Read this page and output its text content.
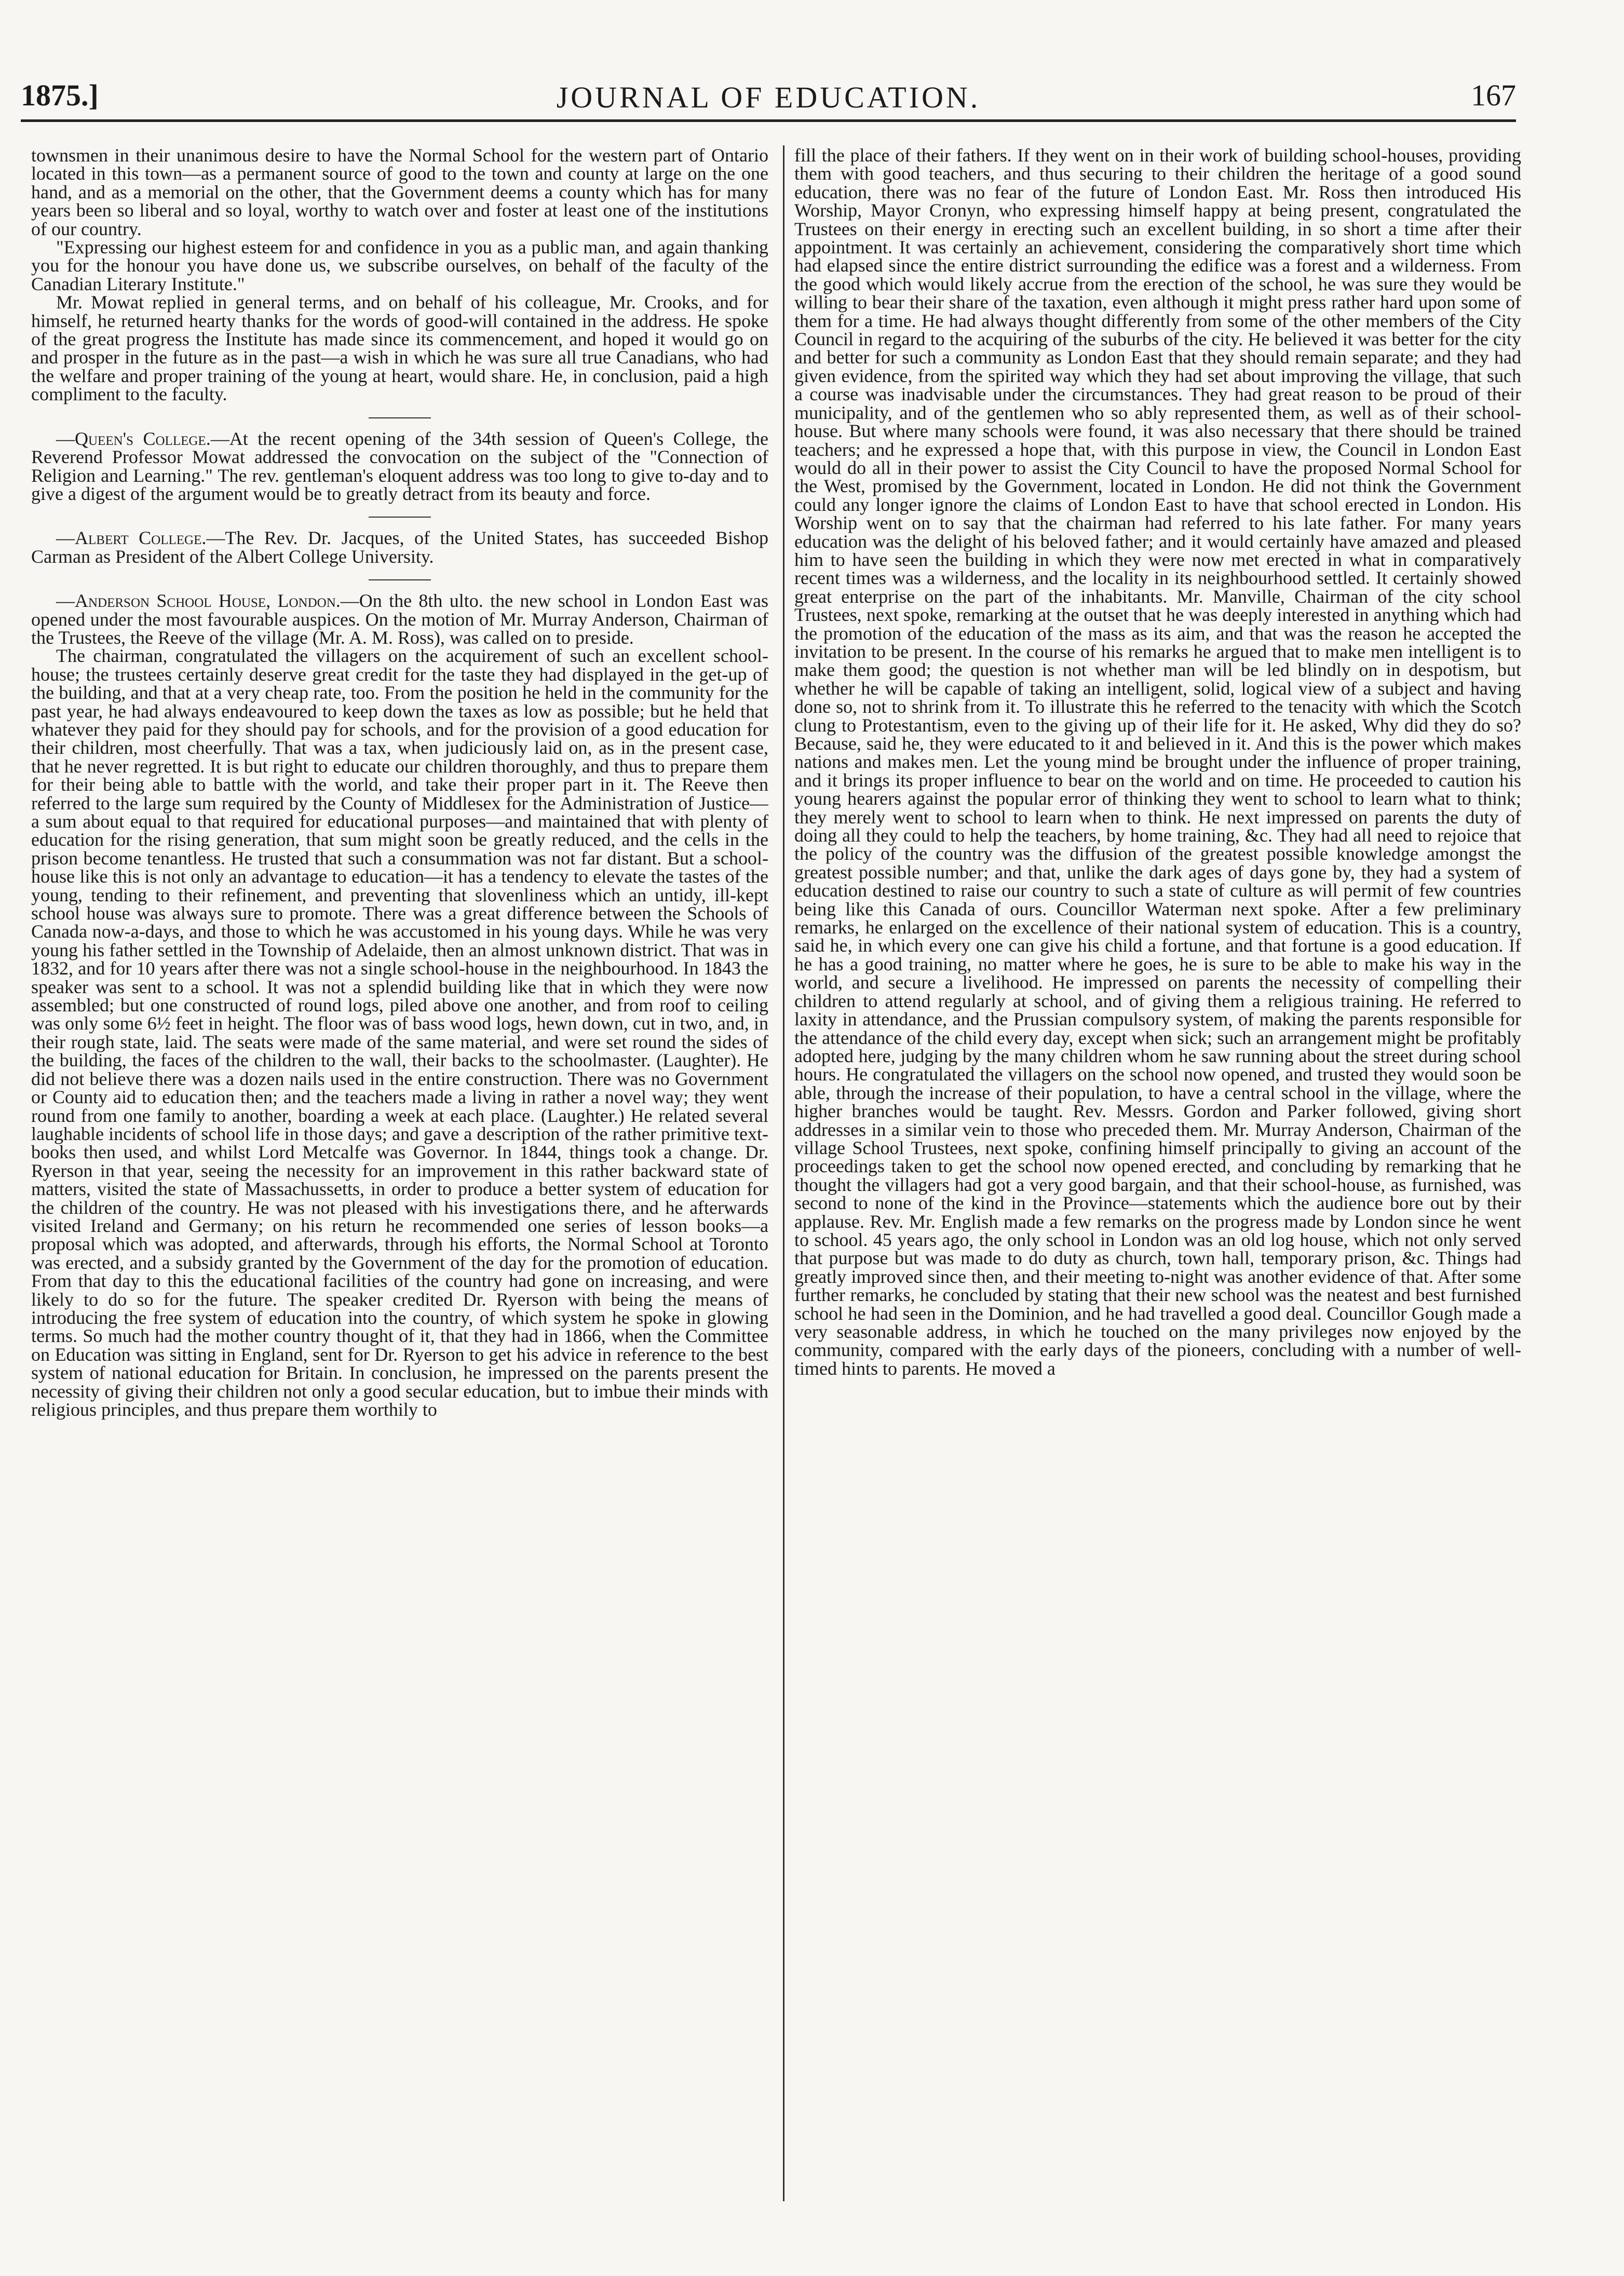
1875.]	JOURNAL OF EDUCATION.	167

townsmen in their unanimous desire to have the Normal School for the western part of Ontario located in this town—as a permanent source of good to the town and county at large on the one hand, and as a memorial on the other, that the Government deems a county which has for many years been so liberal and so loyal, worthy to watch over and foster at least one of the institutions of our country.

"Expressing our highest esteem for and confidence in you as a public man, and again thanking you for the honour you have done us, we subscribe ourselves, on behalf of the faculty of the Canadian Literary Institute."

Mr. Mowat replied in general terms, and on behalf of his colleague, Mr. Crooks, and for himself, he returned hearty thanks for the words of good-will contained in the address. He spoke of the great progress the Institute has made since its commencement, and hoped it would go on and prosper in the future as in the past—a wish in which he was sure all true Canadians, who had the welfare and proper training of the young at heart, would share. He, in conclusion, paid a high compliment to the faculty.

—Queen's College.—At the recent opening of the 34th session of Queen's College, the Reverend Professor Mowat addressed the convocation on the subject of the "Connection of Religion and Learning." The rev. gentleman's eloquent address was too long to give to-day and to give a digest of the argument would be to greatly detract from its beauty and force.

—Albert College.—The Rev. Dr. Jacques, of the United States, has succeeded Bishop Carman as President of the Albert College University.

—Anderson School House, London.—On the 8th ulto. the new school in London East was opened under the most favourable auspices. On the motion of Mr. Murray Anderson, Chairman of the Trustees, the Reeve of the village (Mr. A. M. Ross), was called on to preside.

The chairman, congratulated the villagers on the acquirement of such an excellent school-house; the trustees certainly deserve great credit for the taste they had displayed in the get-up of the building, and that at a very cheap rate, too. From the position he held in the community for the past year, he had always endeavoured to keep down the taxes as low as possible; but he held that whatever they paid for they should pay for schools, and for the provision of a good education for their children, most cheerfully. That was a tax, when judiciously laid on, as in the present case, that he never regretted. It is but right to educate our children thoroughly, and thus to prepare them for their being able to battle with the world, and take their proper part in it. The Reeve then referred to the large sum required by the County of Middlesex for the Administration of Justice—a sum about equal to that required for educational purposes—and maintained that with plenty of education for the rising generation, that sum might soon be greatly reduced, and the cells in the prison become tenantless. He trusted that such a consummation was not far distant. But a school-house like this is not only an advantage to education—it has a tendency to elevate the tastes of the young, tending to their refinement, and preventing that slovenliness which an untidy, ill-kept school house was always sure to promote. There was a great difference between the Schools of Canada now-a-days, and those to which he was accustomed in his young days. While he was very young his father settled in the Township of Adelaide, then an almost unknown district. That was in 1832, and for 10 years after there was not a single school-house in the neighbourhood. In 1843 the speaker was sent to a school. It was not a splendid building like that in which they were now assembled; but one constructed of round logs, piled above one another, and from roof to ceiling was only some 6½ feet in height. The floor was of bass wood logs, hewn down, cut in two, and, in their rough state, laid. The seats were made of the same material, and were set round the sides of the building, the faces of the children to the wall, their backs to the schoolmaster. (Laughter). He did not believe there was a dozen nails used in the entire construction. There was no Government or County aid to education then; and the teachers made a living in rather a novel way; they went round from one family to another, boarding a week at each place. (Laughter.) He related several laughable incidents of school life in those days; and gave a description of the rather primitive text-books then used, and whilst Lord Metcalfe was Governor. In 1844, things took a change. Dr. Ryerson in that year, seeing the necessity for an improvement in this rather backward state of matters, visited the state of Massachussetts, in order to produce a better system of education for the children of the country. He was not pleased with his investigations there, and he afterwards visited Ireland and Germany; on his return he recommended one series of lesson books—a proposal which was adopted, and afterwards, through his efforts, the Normal School at Toronto was erected, and a subsidy granted by the Government of the day for the promotion of education. From that day to this the educational facilities of the country had gone on increasing, and were likely to do so for the future. The speaker credited Dr. Ryerson with being the means of introducing the free system of education into the country, of which system he spoke in glowing terms. So much had the mother country thought of it, that they had in 1866, when the Committee on Education was sitting in England, sent for Dr. Ryerson to get his advice in reference to the best system of national education for Britain. In conclusion, he impressed on the parents present the necessity of giving their children not only a good secular education, but to imbue their minds with religious principles, and thus prepare them worthily to

fill the place of their fathers. If they went on in their work of building school-houses, providing them with good teachers, and thus securing to their children the heritage of a good sound education, there was no fear of the future of London East. Mr. Ross then introduced His Worship, Mayor Cronyn, who expressing himself happy at being present, congratulated the Trustees on their energy in erecting such an excellent building, in so short a time after their appointment. It was certainly an achievement, considering the comparatively short time which had elapsed since the entire district surrounding the edifice was a forest and a wilderness. From the good which would likely accrue from the erection of the school, he was sure they would be willing to bear their share of the taxation, even although it might press rather hard upon some of them for a time. He had always thought differently from some of the other members of the City Council in regard to the acquiring of the suburbs of the city. He believed it was better for the city and better for such a community as London East that they should remain separate; and they had given evidence, from the spirited way which they had set about improving the village, that such a course was inadvisable under the circumstances. They had great reason to be proud of their municipality, and of the gentlemen who so ably represented them, as well as of their school-house. But where many schools were found, it was also necessary that there should be trained teachers; and he expressed a hope that, with this purpose in view, the Council in London East would do all in their power to assist the City Council to have the proposed Normal School for the West, promised by the Government, located in London. He did not think the Government could any longer ignore the claims of London East to have that school erected in London. His Worship went on to say that the chairman had referred to his late father. For many years education was the delight of his beloved father; and it would certainly have amazed and pleased him to have seen the building in which they were now met erected in what in comparatively recent times was a wilderness, and the locality in its neighbourhood settled. It certainly showed great enterprise on the part of the inhabitants. Mr. Manville, Chairman of the city school Trustees, next spoke, remarking at the outset that he was deeply interested in anything which had the promotion of the education of the mass as its aim, and that was the reason he accepted the invitation to be present. In the course of his remarks he argued that to make men intelligent is to make them good; the question is not whether man will be led blindly on in despotism, but whether he will be capable of taking an intelligent, solid, logical view of a subject and having done so, not to shrink from it. To illustrate this he referred to the tenacity with which the Scotch clung to Protestantism, even to the giving up of their life for it. He asked, Why did they do so? Because, said he, they were educated to it and believed in it. And this is the power which makes nations and makes men. Let the young mind be brought under the influence of proper training, and it brings its proper influence to bear on the world and on time. He proceeded to caution his young hearers against the popular error of thinking they went to school to learn what to think; they merely went to school to learn when to think. He next impressed on parents the duty of doing all they could to help the teachers, by home training, &c. They had all need to rejoice that the policy of the country was the diffusion of the greatest possible knowledge amongst the greatest possible number; and that, unlike the dark ages of days gone by, they had a system of education destined to raise our country to such a state of culture as will permit of few countries being like this Canada of ours. Councillor Waterman next spoke. After a few preliminary remarks, he enlarged on the excellence of their national system of education. This is a country, said he, in which every one can give his child a fortune, and that fortune is a good education. If he has a good training, no matter where he goes, he is sure to be able to make his way in the world, and secure a livelihood. He impressed on parents the necessity of compelling their children to attend regularly at school, and of giving them a religious training. He referred to laxity in attendance, and the Prussian compulsory system, of making the parents responsible for the attendance of the child every day, except when sick; such an arrangement might be profitably adopted here, judging by the many children whom he saw running about the street during school hours. He congratulated the villagers on the school now opened, and trusted they would soon be able, through the increase of their population, to have a central school in the village, where the higher branches would be taught. Rev. Messrs. Gordon and Parker followed, giving short addresses in a similar vein to those who preceded them. Mr. Murray Anderson, Chairman of the village School Trustees, next spoke, confining himself principally to giving an account of the proceedings taken to get the school now opened erected, and concluding by remarking that he thought the villagers had got a very good bargain, and that their school-house, as furnished, was second to none of the kind in the Province—statements which the audience bore out by their applause. Rev. Mr. English made a few remarks on the progress made by London since he went to school. 45 years ago, the only school in London was an old log house, which not only served that purpose but was made to do duty as church, town hall, temporary prison, &c. Things had greatly improved since then, and their meeting to-night was another evidence of that. After some further remarks, he concluded by stating that their new school was the neatest and best furnished school he had seen in the Dominion, and he had travelled a good deal. Councillor Gough made a very seasonable address, in which he touched on the many privileges now enjoyed by the community, compared with the early days of the pioneers, concluding with a number of well-timed hints to parents. He moved a
